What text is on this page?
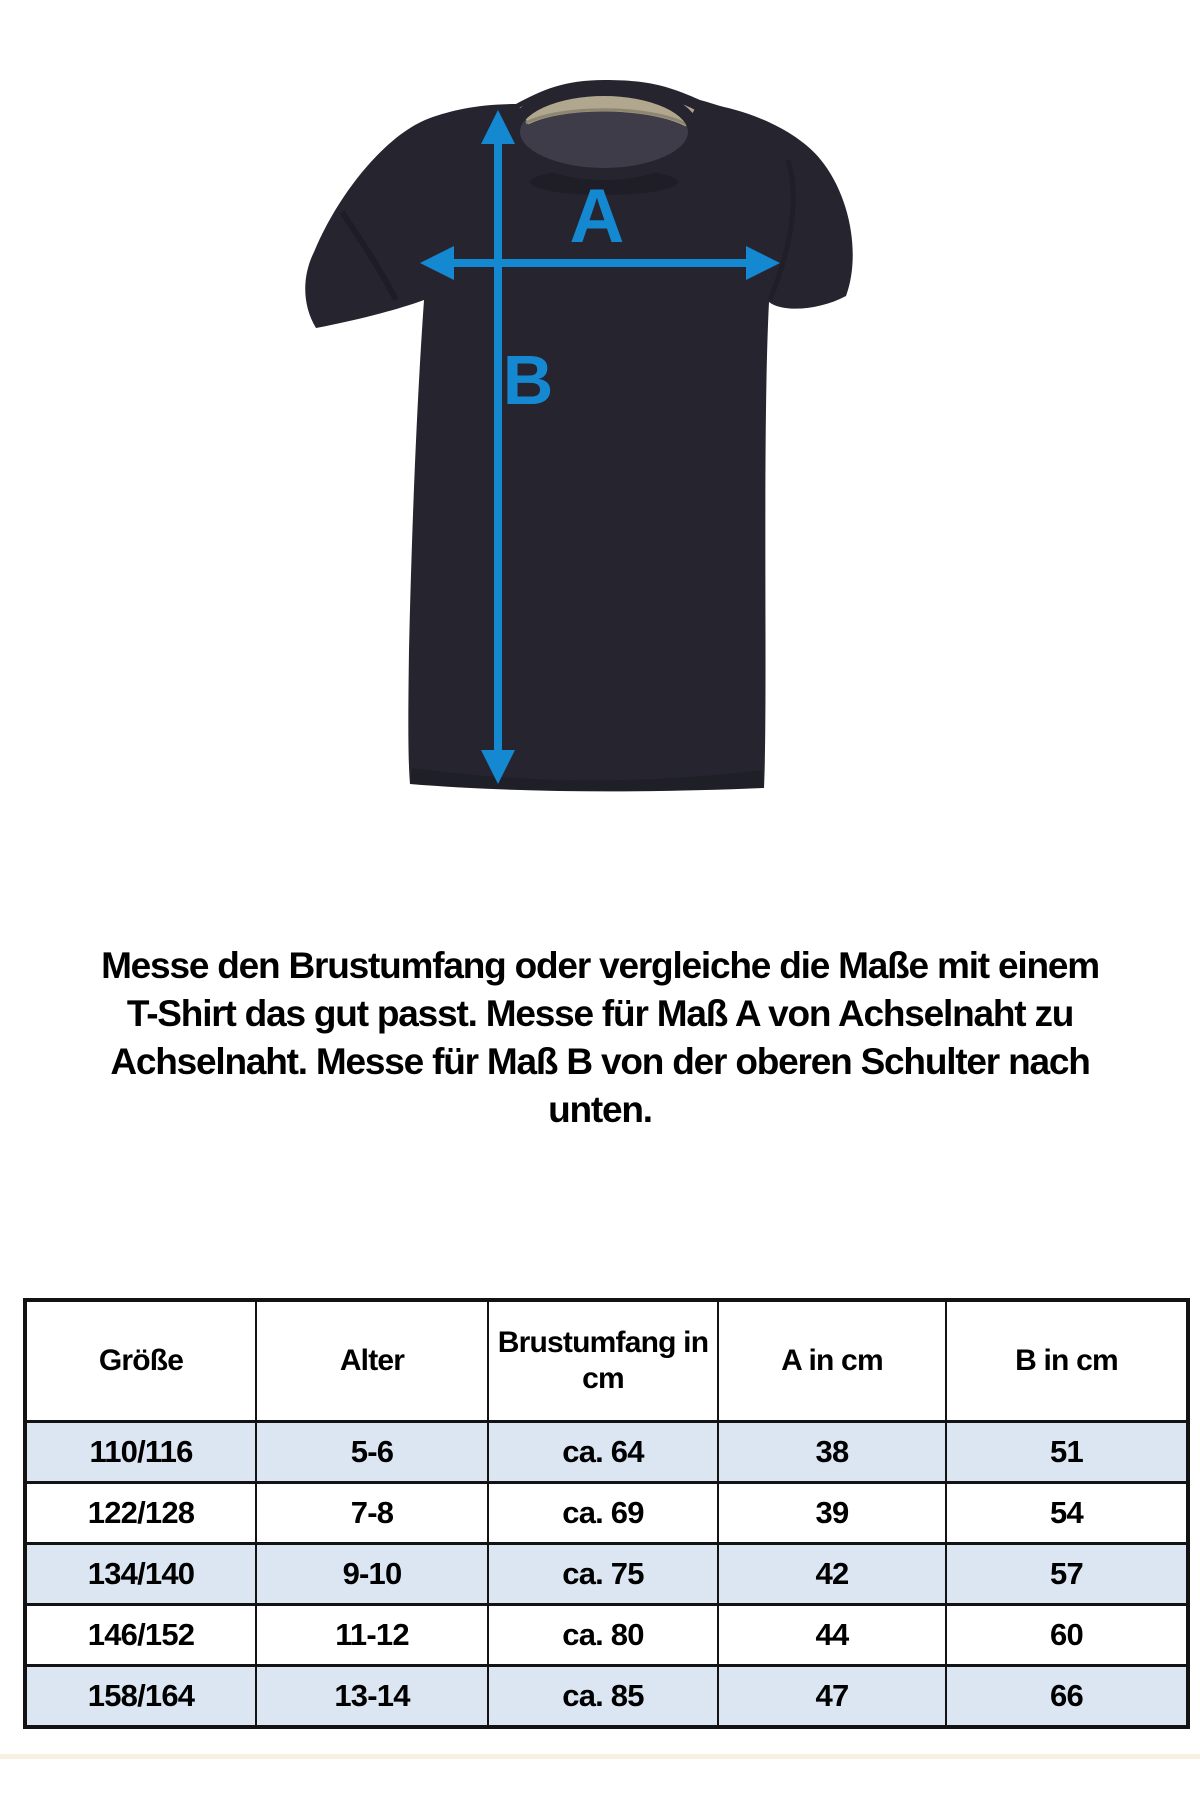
A
B
Messe den Brustumfang oder vergleiche die Maße mit einem
T-Shirt das gut passt. Messe für Maß A von Achselnaht zu
Achselnaht. Messe für Maß B von der oberen Schulter nach
unten.
Größe	Alter	Brustumfang in cm	A in cm	B in cm
110/116	5-6	ca. 64	38	51
122/128	7-8	ca. 69	39	54
134/140	9-10	ca. 75	42	57
146/152	11-12	ca. 80	44	60
158/164	13-14	ca. 85	47	66
